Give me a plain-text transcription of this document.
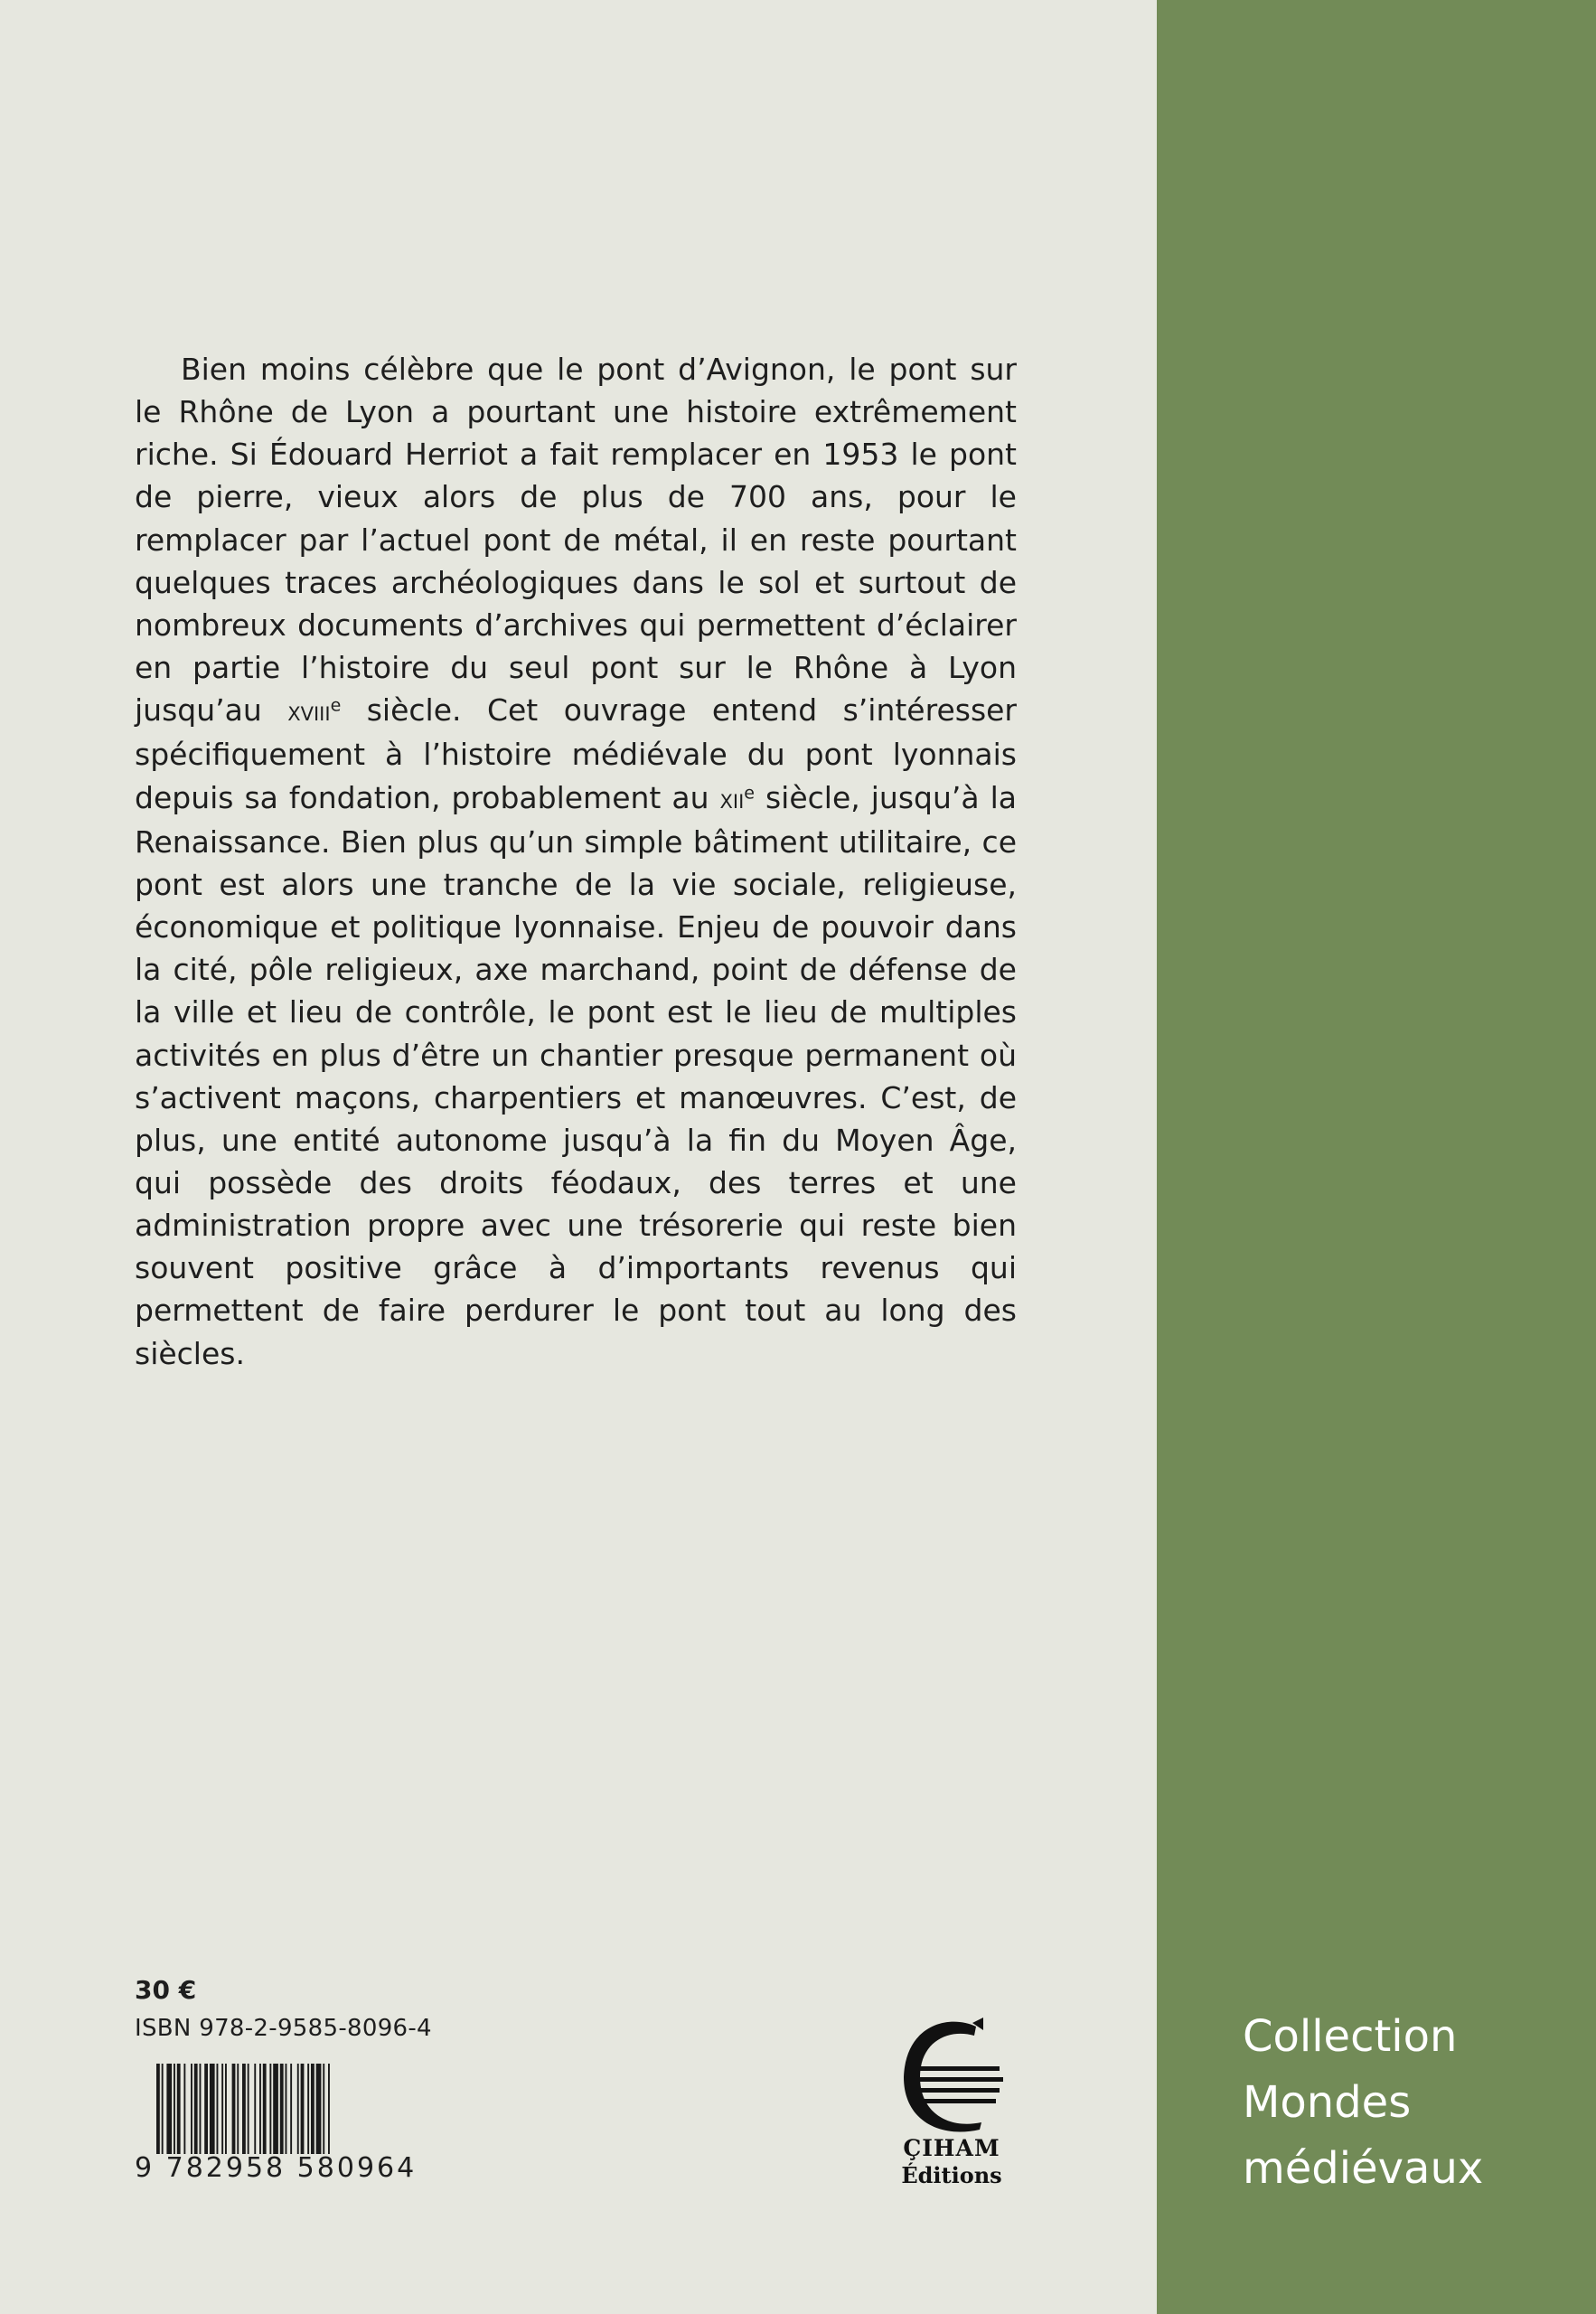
Bien moins célèbre que le pont d’Avignon, le pont sur le Rhône de Lyon a pourtant une histoire extrêmement riche. Si Édouard Herriot a fait remplacer en 1953 le pont de pierre, vieux alors de plus de 700 ans, pour le remplacer par l’actuel pont de métal, il en reste pourtant quelques traces archéologiques dans le sol et surtout de nombreux documents d’archives qui permettent d’éclairer en partie l’histoire du seul pont sur le Rhône à Lyon jusqu’au xviii$^e$ siècle. Cet ouvrage entend s’intéresser spécifiquement à l’histoire médiévale du pont lyonnais depuis sa fondation, probablement au xii$^e$ siècle, jusqu’à la Renaissance. Bien plus qu’un simple bâtiment utilitaire, ce pont est alors une tranche de la vie sociale, religieuse, économique et politique lyonnaise. Enjeu de pouvoir dans la cité, pôle religieux, axe marchand, point de défense de la ville et lieu de contrôle, le pont est le lieu de multiples activités en plus d’être un chantier presque permanent où s’activent maçons, charpentiers et manœuvres. C’est, de plus, une entité autonome jusqu’à la fin du Moyen Âge, qui possède des droits féodaux, des terres et une administration propre avec une trésorerie qui reste bien souvent positive grâce à d’importants revenus qui permettent de faire perdurer le pont tout au long des siècles.

30 €
ISBN 978-2-9585-8096-4
9 782958 580964
ÇIHAM
Éditions
Collection
Mondes
médiévaux
